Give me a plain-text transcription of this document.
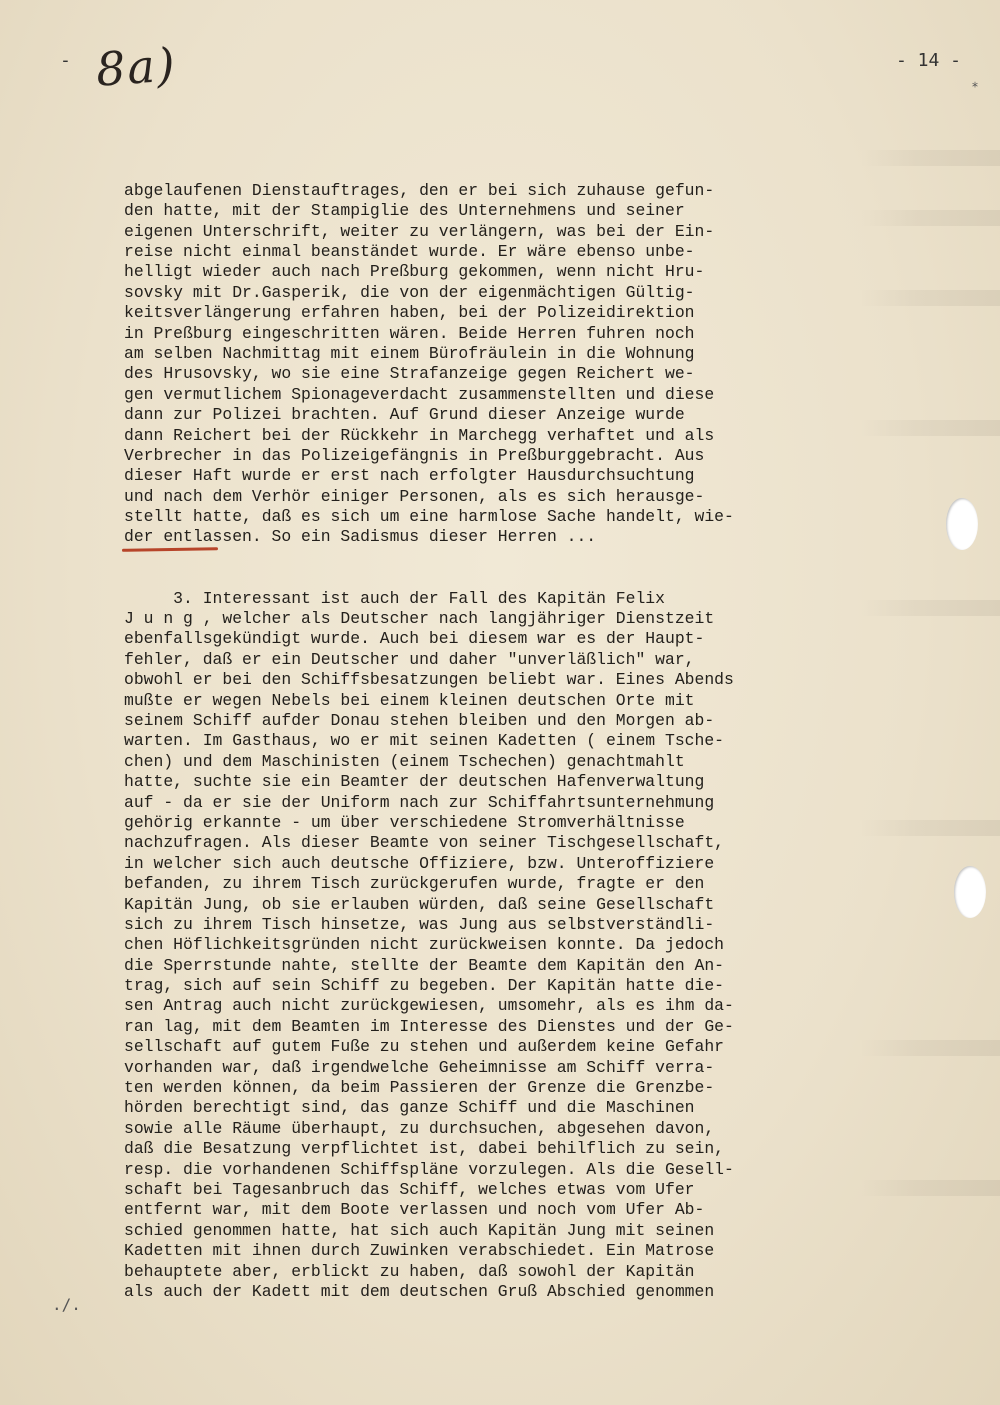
- 8a)	- 14 -
⁎

abgelaufenen Dienstauftrages, den er bei sich zuhause gefun-
den hatte, mit der Stampiglie des Unternehmens und seiner
eigenen Unterschrift, weiter zu verlängern, was bei der Ein-
reise nicht einmal beanständet wurde. Er wäre ebenso unbe-
helligt wieder auch nach Preßburg gekommen, wenn nicht Hru-
sovsky mit Dr.Gasperik, die von der eigenmächtigen Gültig-
keitsverlängerung erfahren haben, bei der Polizeidirektion
in Preßburg eingeschritten wären. Beide Herren fuhren noch
am selben Nachmittag mit einem Bürofräulein in die Wohnung
des Hrusovsky, wo sie eine Strafanzeige gegen Reichert we-
gen vermutlichem Spionageverdacht zusammenstellten und diese
dann zur Polizei brachten. Auf Grund dieser Anzeige wurde
dann Reichert bei der Rückkehr in Marchegg verhaftet und als
Verbrecher in das Polizeigefängnis in Preßburggebracht. Aus
dieser Haft wurde er erst nach erfolgter Hausdurchsuchtung
und nach dem Verhör einiger Personen, als es sich herausge-
stellt hatte, daß es sich um eine harmlose Sache handelt, wie-
der entlassen. So ein Sadismus dieser Herren ...

3. Interessant ist auch der Fall des Kapitän Felix
J u n g , welcher als Deutscher nach langjähriger Dienstzeit
ebenfallsgekündigt wurde. Auch bei diesem war es der Haupt-
fehler, daß er ein Deutscher und daher "unverläßlich" war,
obwohl er bei den Schiffsbesatzungen beliebt war. Eines Abends
mußte er wegen Nebels bei einem kleinen deutschen Orte mit
seinem Schiff aufder Donau stehen bleiben und den Morgen ab-
warten. Im Gasthaus, wo er mit seinen Kadetten ( einem Tsche-
chen) und dem Maschinisten (einem Tschechen) genachtmahlt
hatte, suchte sie ein Beamter der deutschen Hafenverwaltung
auf - da er sie der Uniform nach zur Schiffahrtsunternehmung
gehörig erkannte - um über verschiedene Stromverhältnisse
nachzufragen. Als dieser Beamte von seiner Tischgesellschaft,
in welcher sich auch deutsche Offiziere, bzw. Unteroffiziere
befanden, zu ihrem Tisch zurückgerufen wurde, fragte er den
Kapitän Jung, ob sie erlauben würden, daß seine Gesellschaft
sich zu ihrem Tisch hinsetze, was Jung aus selbstverständli-
chen Höflichkeitsgründen nicht zurückweisen konnte. Da jedoch
die Sperrstunde nahte, stellte der Beamte dem Kapitän den An-
trag, sich auf sein Schiff zu begeben. Der Kapitän hatte die-
sen Antrag auch nicht zurückgewiesen, umsomehr, als es ihm da-
ran lag, mit dem Beamten im Interesse des Dienstes und der Ge-
sellschaft auf gutem Fuße zu stehen und außerdem keine Gefahr
vorhanden war, daß irgendwelche Geheimnisse am Schiff verra-
ten werden können, da beim Passieren der Grenze die Grenzbe-
hörden berechtigt sind, das ganze Schiff und die Maschinen
sowie alle Räume überhaupt, zu durchsuchen, abgesehen davon,
daß die Besatzung verpflichtet ist, dabei behilflich zu sein,
resp. die vorhandenen Schiffspläne vorzulegen. Als die Gesell-
schaft bei Tagesanbruch das Schiff, welches etwas vom Ufer
entfernt war, mit dem Boote verlassen und noch vom Ufer Ab-
schied genommen hatte, hat sich auch Kapitän Jung mit seinen
Kadetten mit ihnen durch Zuwinken verabschiedet. Ein Matrose
behauptete aber, erblickt zu haben, daß sowohl der Kapitän
als auch der Kadett mit dem deutschen Gruß Abschied genommen

./.
